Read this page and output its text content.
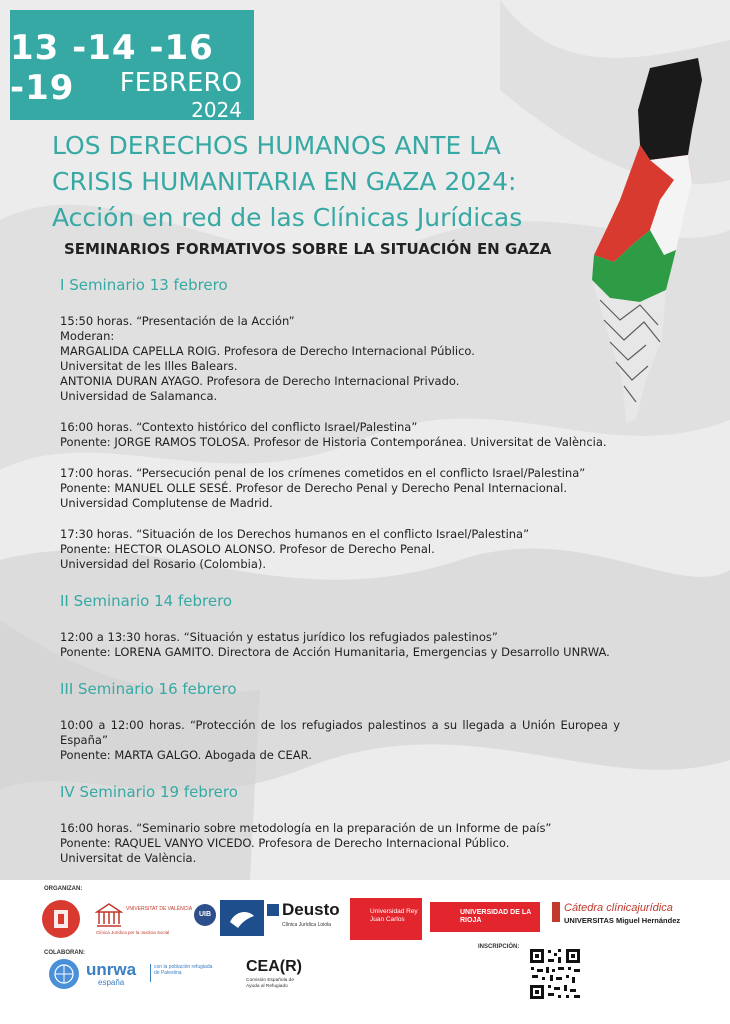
13 -14 -16 -19	FEBRERO
2024
LOS DERECHOS HUMANOS ANTE LA
CRISIS HUMANITARIA EN GAZA 2024:
Acción en red de las Clínicas Jurídicas
SEMINARIOS FORMATIVOS SOBRE LA SITUACIÓN EN GAZA
I Seminario 13 febrero
15:50 horas. “Presentación de la Acción”
Moderan:
MARGALIDA CAPELLA ROIG. Profesora de Derecho Internacional Público.
Universitat de les Illes Balears.
ANTONIA DURAN AYAGO. Profesora de Derecho Internacional Privado.
Universidad de Salamanca.
16:00 horas. “Contexto histórico del conflicto Israel/Palestina”
Ponente: JORGE RAMOS TOLOSA. Profesor de Historia Contemporánea. Universitat de València.
17:00 horas. “Persecución penal de los crímenes cometidos en el conflicto Israel/Palestina”
Ponente: MANUEL OLLE SESÉ. Profesor de Derecho Penal y Derecho Penal Internacional.
Universidad Complutense de Madrid.
17:30 horas. “Situación de los Derechos humanos en el conflicto Israel/Palestina”
Ponente: HECTOR OLASOLO ALONSO. Profesor de Derecho Penal.
Universidad del Rosario (Colombia).
II Seminario 14 febrero
12:00 a 13:30 horas. “Situación y estatus jurídico los refugiados palestinos”
Ponente: LORENA GAMITO. Directora de Acción Humanitaria, Emergencias y Desarrollo UNRWA.
III Seminario 16 febrero
10:00 a 12:00 horas. “Protección de los refugiados palestinos a su llegada a Unión Europea y España”
Ponente: MARTA GALGO. Abogada de CEAR.
IV Seminario 19 febrero
16:00 horas. “Seminario sobre metodología en la preparación de un Informe de país”
Ponente: RAQUEL VANYO VICEDO. Profesora de Derecho Internacional Público.
Universitat de València.
ORGANIZAN:
VNIVERSITAT DE VALÈNCIA
Clínica Jurídica per la Justícia Social
UIB	Deusto
Clínica Jurídica Loiola
Universidad Rey Juan Carlos
UNIVERSIDAD DE LA RIOJA
Cátedra clínicajurídica
UNIVERSITAS Miguel Hernández
COLABORAN:
unrwa
españa
con la población refugiada de Palestina	CEA(R)
Comisión Española de Ayuda al Refugiado
INSCRIPCIÓN:
